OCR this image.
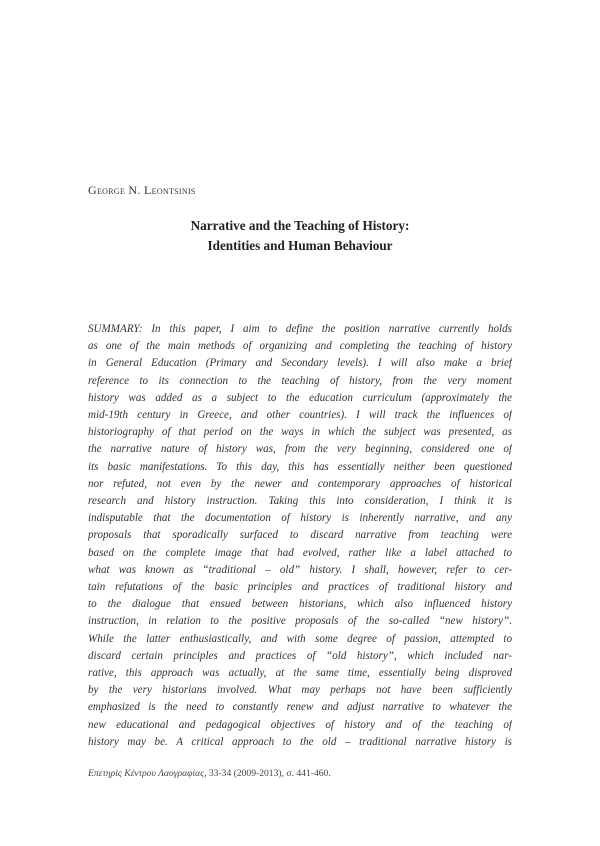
George N. Leontsinis
Narrative and the Teaching of History:
Identities and Human Behaviour
SUMMARY: In this paper, I aim to define the position narrative currently holds
as one of the main methods of organizing and completing the teaching of history
in General Education (Primary and Secondary levels). I will also make a brief
reference to its connection to the teaching of history, from the very moment
history was added as a subject to the education curriculum (approximately the
mid-19th century in Greece, and other countries). I will track the influences of
historiography of that period on the ways in which the subject was presented, as
the narrative nature of history was, from the very beginning, considered one of
its basic manifestations. To this day, this has essentially neither been questioned
nor refuted, not even by the newer and contemporary approaches of historical
research and history instruction. Taking this into consideration, I think it is
indisputable that the documentation of history is inherently narrative, and any
proposals that sporadically surfaced to discard narrative from teaching were
based on the complete image that had evolved, rather like a label attached to
what was known as “traditional – old” history. I shall, however, refer to cer-
tain refutations of the basic principles and practices of traditional history and
to the dialogue that ensued between historians, which also influenced history
instruction, in relation to the positive proposals of the so-called “new history”.
While the latter enthusiastically, and with some degree of passion, attempted to
discard certain principles and practices of “old history”, which included nar-
rative, this approach was actually, at the same time, essentially being disproved
by the very historians involved. What may perhaps not have been sufficiently
emphasized is the need to constantly renew and adjust narrative to whatever the
new educational and pedagogical objectives of history and of the teaching of
history may be. A critical approach to the old – traditional narrative history is
Επετηρὶς Κέντρου Λαογραφίας, 33-34 (2009-2013), σ. 441-460.
